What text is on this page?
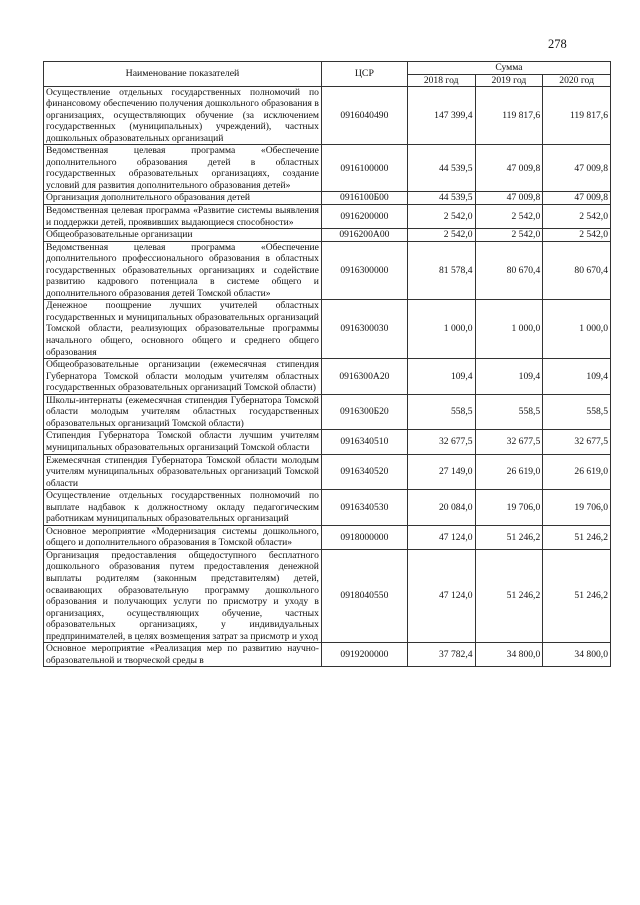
278
Наименование показателей	ЦСР	Сумма		
		2018 год	2019 год	2020 год
Осуществление отдельных государственных полномочий по финансовому обеспечению получения дошкольного образования в организациях, осуществляющих обучение (за исключением государственных (муниципальных) учреждений), частных дошкольных образовательных организаций	0916040490	147 399,4	119 817,6	119 817,6
Ведомственная целевая программа «Обеспечение дополнительного образования детей в областных государственных образовательных организациях, создание условий для развития дополнительного образования детей»	0916100000	44 539,5	47 009,8	47 009,8
Организация дополнительного образования детей	0916100Б00	44 539,5	47 009,8	47 009,8
Ведомственная целевая программа «Развитие системы выявления и поддержки детей, проявивших выдающиеся способности»	0916200000	2 542,0	2 542,0	2 542,0
Общеобразовательные организации	0916200А00	2 542,0	2 542,0	2 542,0
Ведомственная целевая программа «Обеспечение дополнительного профессионального образования в областных государственных образовательных организациях и содействие развитию кадрового потенциала в системе общего и дополнительного образования детей Томской области»	0916300000	81 578,4	80 670,4	80 670,4
Денежное поощрение лучших учителей областных государственных и муниципальных образовательных организаций Томской области, реализующих образовательные программы начального общего, основного общего и среднего общего образования	0916300030	1 000,0	1 000,0	1 000,0
Общеобразовательные организации (ежемесячная стипендия Губернатора Томской области молодым учителям областных государственных образовательных организаций Томской области)	0916300А20	109,4	109,4	109,4
Школы-интернаты (ежемесячная стипендия Губернатора Томской области молодым учителям областных государственных образовательных организаций Томской области)	0916300Б20	558,5	558,5	558,5
Стипендия Губернатора Томской области лучшим учителям муниципальных образовательных организаций Томской области	0916340510	32 677,5	32 677,5	32 677,5
Ежемесячная стипендия Губернатора Томской области молодым учителям муниципальных образовательных организаций Томской области	0916340520	27 149,0	26 619,0	26 619,0
Осуществление отдельных государственных полномочий по выплате надбавок к должностному окладу педагогическим работникам муниципальных образовательных организаций	0916340530	20 084,0	19 706,0	19 706,0
Основное мероприятие «Модернизация системы дошкольного, общего и дополнительного образования в Томской области»	0918000000	47 124,0	51 246,2	51 246,2
Организация предоставления общедоступного бесплатного дошкольного образования путем предоставления денежной выплаты родителям (законным представителям) детей, осваивающих образовательную программу дошкольного образования и получающих услуги по присмотру и уходу в организациях, осуществляющих обучение, частных образовательных организациях, у индивидуальных предпринимателей, в целях возмещения затрат за присмотр и уход	0918040550	47 124,0	51 246,2	51 246,2
Основное мероприятие «Реализация мер по развитию научно-образовательной и творческой среды в	0919200000	37 782,4	34 800,0	34 800,0
